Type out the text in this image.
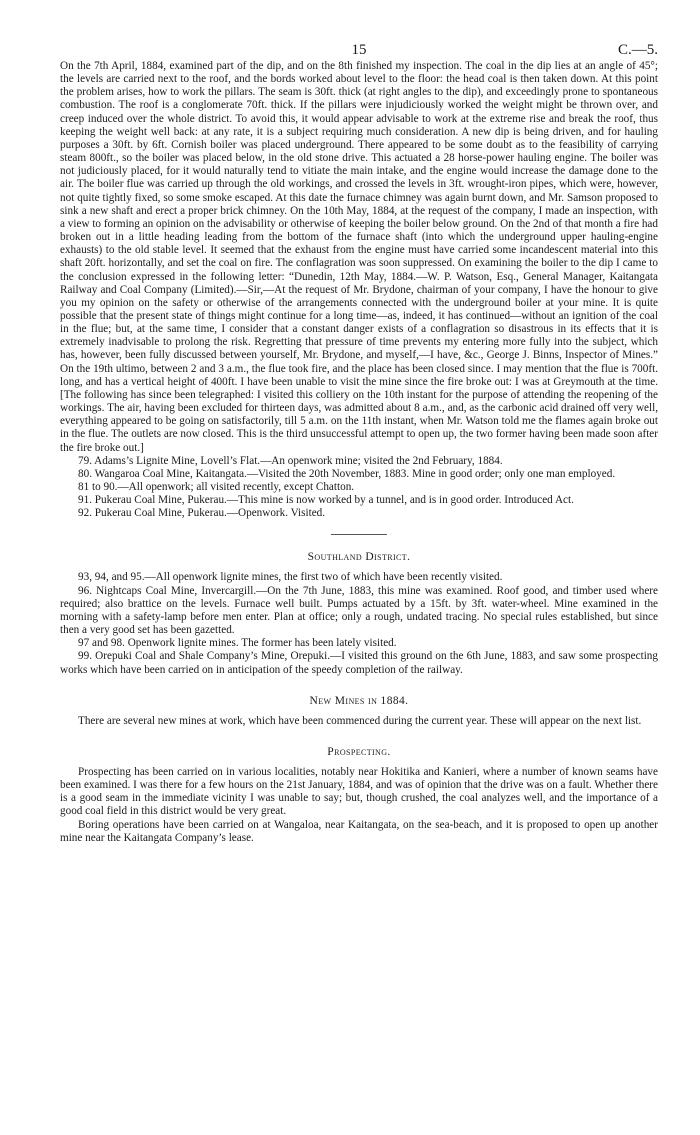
15	C.—5.

On the 7th April, 1884, examined part of the dip, and on the 8th finished my inspection. The coal in the dip lies at an angle of 45°; the levels are carried next to the roof, and the bords worked about level to the floor: the head coal is then taken down. At this point the problem arises, how to work the pillars. The seam is 30ft. thick (at right angles to the dip), and exceedingly prone to spontaneous combustion. The roof is a conglomerate 70ft. thick. If the pillars were injudiciously worked the weight might be thrown over, and creep induced over the whole district. To avoid this, it would appear advisable to work at the extreme rise and break the roof, thus keeping the weight well back: at any rate, it is a subject requiring much consideration. A new dip is being driven, and for hauling purposes a 30ft. by 6ft. Cornish boiler was placed underground. There appeared to be some doubt as to the feasibility of carrying steam 800ft., so the boiler was placed below, in the old stone drive. This actuated a 28 horse-power hauling engine. The boiler was not judiciously placed, for it would naturally tend to vitiate the main intake, and the engine would increase the damage done to the air. The boiler flue was carried up through the old workings, and crossed the levels in 3ft. wrought-iron pipes, which were, however, not quite tightly fixed, so some smoke escaped. At this date the furnace chimney was again burnt down, and Mr. Samson proposed to sink a new shaft and erect a proper brick chimney. On the 10th May, 1884, at the request of the company, I made an inspection, with a view to forming an opinion on the advisability or otherwise of keeping the boiler below ground. On the 2nd of that month a fire had broken out in a little heading leading from the bottom of the furnace shaft (into which the underground upper hauling-engine exhausts) to the old stable level. It seemed that the exhaust from the engine must have carried some incandescent material into this shaft 20ft. horizontally, and set the coal on fire. The conflagration was soon suppressed. On examining the boiler to the dip I came to the conclusion expressed in the following letter: “Dunedin, 12th May, 1884.—W. P. Watson, Esq., General Manager, Kaitangata Railway and Coal Company (Limited).—Sir,—At the request of Mr. Brydone, chairman of your company, I have the honour to give you my opinion on the safety or otherwise of the arrangements connected with the underground boiler at your mine. It is quite possible that the present state of things might continue for a long time—as, indeed, it has continued—without an ignition of the coal in the flue; but, at the same time, I consider that a constant danger exists of a conflagration so disastrous in its effects that it is extremely inadvisable to prolong the risk. Regretting that pressure of time prevents my entering more fully into the subject, which has, however, been fully discussed between yourself, Mr. Brydone, and myself,—I have, &c., George J. Binns, Inspector of Mines.” On the 19th ultimo, between 2 and 3 a.m., the flue took fire, and the place has been closed since. I may mention that the flue is 700ft. long, and has a vertical height of 400ft. I have been unable to visit the mine since the fire broke out: I was at Greymouth at the time. [The following has since been telegraphed: I visited this colliery on the 10th instant for the purpose of attending the reopening of the workings. The air, having been excluded for thirteen days, was admitted about 8 a.m., and, as the carbonic acid drained off very well, everything appeared to be going on satisfactorily, till 5 a.m. on the 11th instant, when Mr. Watson told me the flames again broke out in the flue. The outlets are now closed. This is the third unsuccessful attempt to open up, the two former having been made soon after the fire broke out.]

79. Adams’s Lignite Mine, Lovell’s Flat.—An openwork mine; visited the 2nd February, 1884.

80. Wangaroa Coal Mine, Kaitangata.—Visited the 20th November, 1883. Mine in good order; only one man employed.

81 to 90.—All openwork; all visited recently, except Chatton.

91. Pukerau Coal Mine, Pukerau.—This mine is now worked by a tunnel, and is in good order. Introduced Act.

92. Pukerau Coal Mine, Pukerau.—Openwork. Visited.

Southland District.

93, 94, and 95.—All openwork lignite mines, the first two of which have been recently visited.

96. Nightcaps Coal Mine, Invercargill.—On the 7th June, 1883, this mine was examined. Roof good, and timber used where required; also brattice on the levels. Furnace well built. Pumps actuated by a 15ft. by 3ft. water-wheel. Mine examined in the morning with a safety-lamp before men enter. Plan at office; only a rough, undated tracing. No special rules established, but since then a very good set has been gazetted.

97 and 98. Openwork lignite mines. The former has been lately visited.

99. Orepuki Coal and Shale Company’s Mine, Orepuki.—I visited this ground on the 6th June, 1883, and saw some prospecting works which have been carried on in anticipation of the speedy completion of the railway.

New Mines in 1884.

There are several new mines at work, which have been commenced during the current year. These will appear on the next list.

Prospecting.

Prospecting has been carried on in various localities, notably near Hokitika and Kanieri, where a number of known seams have been examined. I was there for a few hours on the 21st January, 1884, and was of opinion that the drive was on a fault. Whether there is a good seam in the immediate vicinity I was unable to say; but, though crushed, the coal analyzes well, and the importance of a good coal field in this district would be very great.

Boring operations have been carried on at Wangaloa, near Kaitangata, on the sea-beach, and it is proposed to open up another mine near the Kaitangata Company’s lease.
